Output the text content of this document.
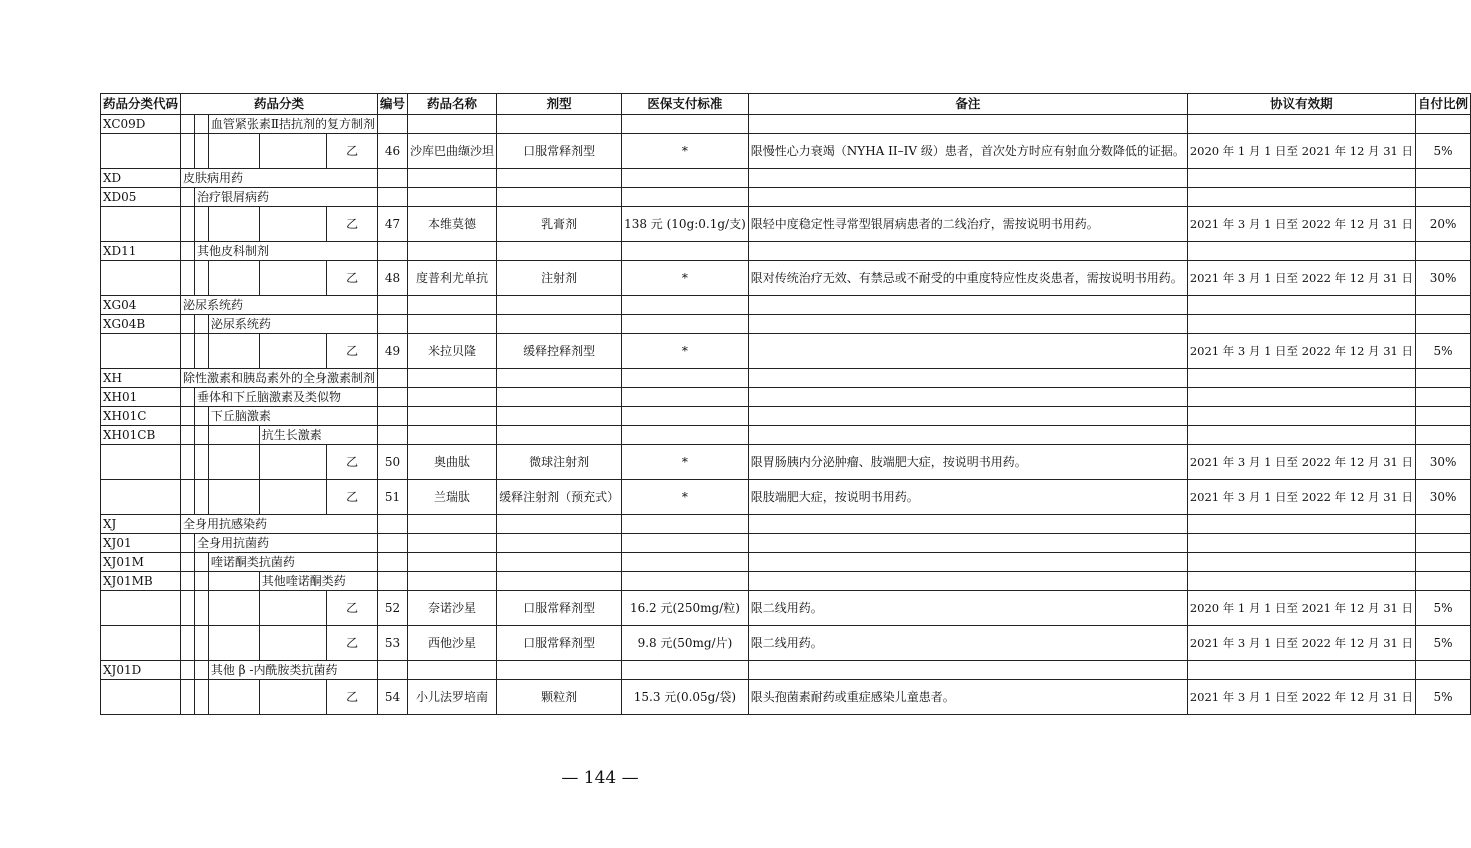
药品分类代码	药品分类					编号	药品名称	剂型	医保支付标准	备注	协议有效期	自付比例
XC09D			血管紧张素Ⅱ拮抗剂的复方制剂									
					乙	46	沙库巴曲缬沙坦	口服常释剂型	*	限慢性心力衰竭（NYHA II–IV 级）患者，首次处方时应有射血分数降低的证据。	2020 年 1 月 1 日至 2021 年 12 月 31 日	5%
XD	皮肤病用药											
XD05		治疗银屑病药										
					乙	47	本维莫德	乳膏剂	138 元 (10g:0.1g/支)	限轻中度稳定性寻常型银屑病患者的二线治疗，需按说明书用药。	2021 年 3 月 1 日至 2022 年 12 月 31 日	20%
XD11		其他皮科制剂										
					乙	48	度普利尤单抗	注射剂	*	限对传统治疗无效、有禁忌或不耐受的中重度特应性皮炎患者，需按说明书用药。	2021 年 3 月 1 日至 2022 年 12 月 31 日	30%
XG04	泌尿系统药											
XG04B			泌尿系统药									
					乙	49	米拉贝隆	缓释控释剂型	*		2021 年 3 月 1 日至 2022 年 12 月 31 日	5%
XH	除性激素和胰岛素外的全身激素制剂											
XH01		垂体和下丘脑激素及类似物										
XH01C			下丘脑激素									
XH01CB				抗生长激素								
					乙	50	奥曲肽	微球注射剂	*	限胃肠胰内分泌肿瘤、肢端肥大症，按说明书用药。	2021 年 3 月 1 日至 2022 年 12 月 31 日	30%
					乙	51	兰瑞肽	缓释注射剂（预充式）	*	限肢端肥大症，按说明书用药。	2021 年 3 月 1 日至 2022 年 12 月 31 日	30%
XJ	全身用抗感染药											
XJ01		全身用抗菌药										
XJ01M			喹诺酮类抗菌药									
XJ01MB				其他喹诺酮类药								
					乙	52	奈诺沙星	口服常释剂型	16.2 元(250mg/粒)	限二线用药。	2020 年 1 月 1 日至 2021 年 12 月 31 日	5%
					乙	53	西他沙星	口服常释剂型	9.8 元(50mg/片)	限二线用药。	2021 年 3 月 1 日至 2022 年 12 月 31 日	5%
XJ01D			其他 β -内酰胺类抗菌药									
					乙	54	小儿法罗培南	颗粒剂	15.3 元(0.05g/袋)	限头孢菌素耐药或重症感染儿童患者。	2021 年 3 月 1 日至 2022 年 12 月 31 日	5%
— 144 —
